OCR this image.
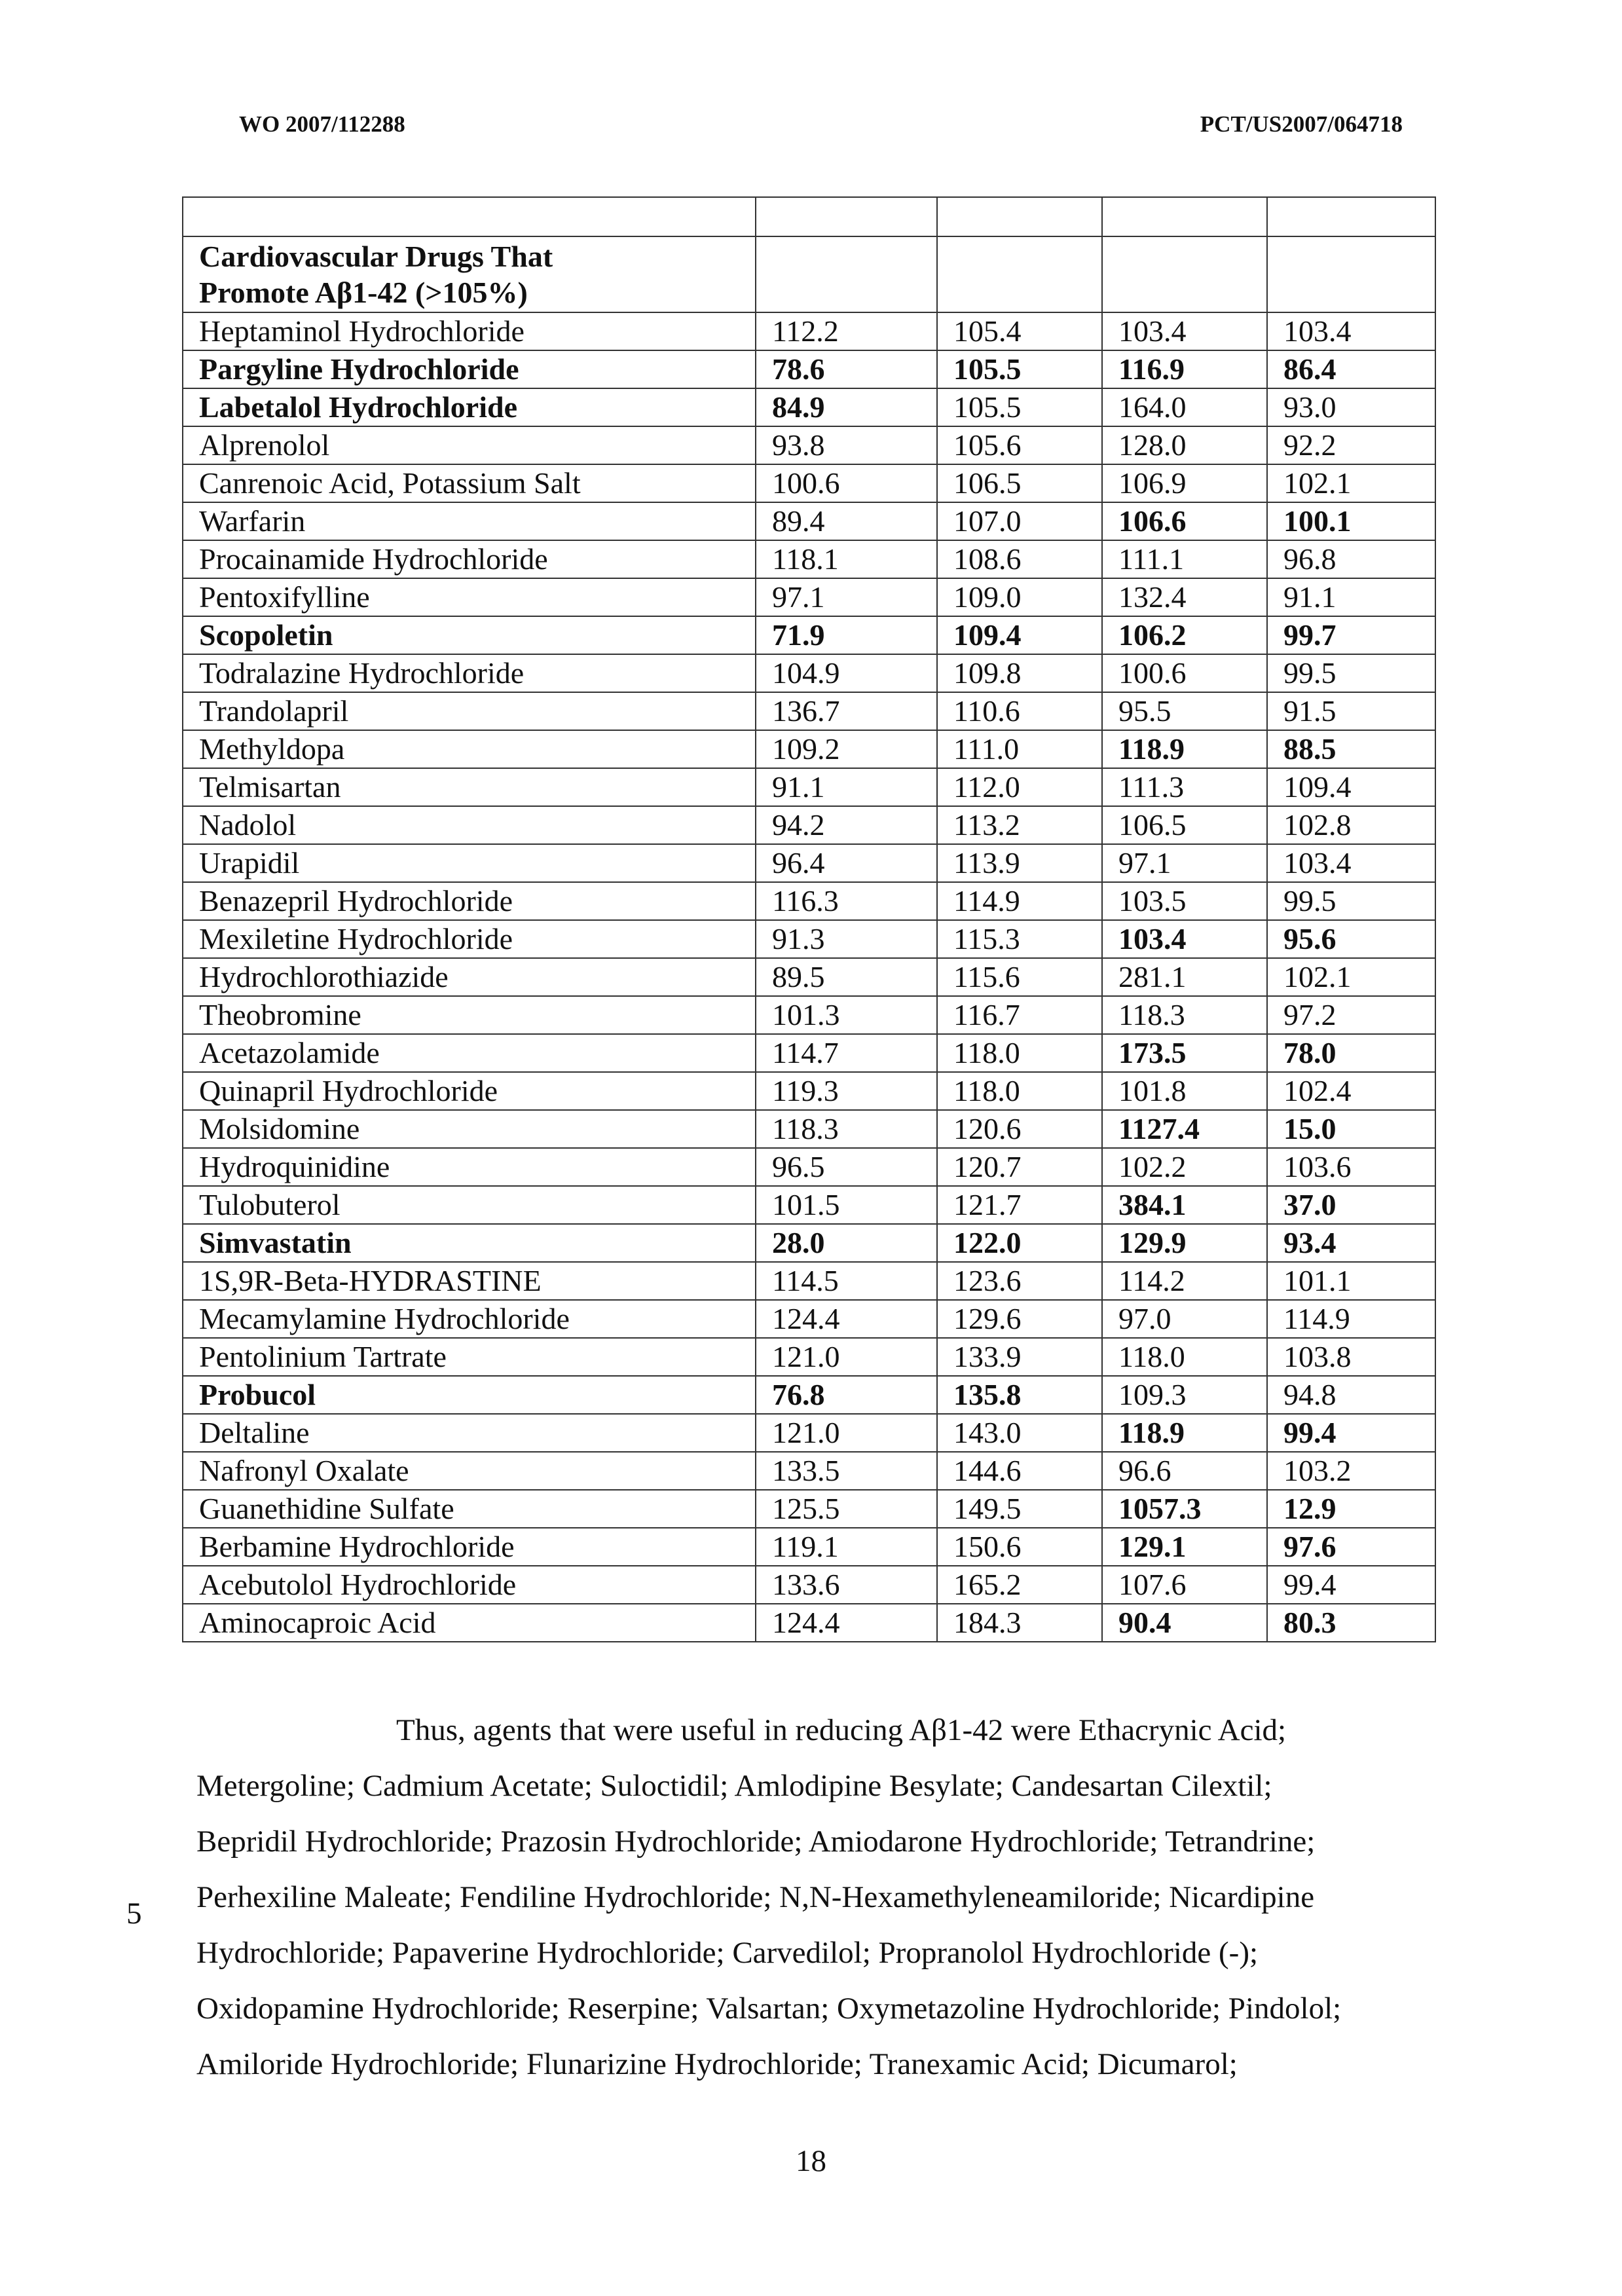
WO 2007/112288	PCT/US2007/064718

Cardiovascular Drugs That
Promote Aβ1-42 (>105%)				
Heptaminol Hydrochloride	112.2	105.4	103.4	103.4
Pargyline Hydrochloride	78.6	105.5	116.9	86.4
Labetalol Hydrochloride	84.9	105.5	164.0	93.0
Alprenolol	93.8	105.6	128.0	92.2
Canrenoic Acid, Potassium Salt	100.6	106.5	106.9	102.1
Warfarin	89.4	107.0	106.6	100.1
Procainamide Hydrochloride	118.1	108.6	111.1	96.8
Pentoxifylline	97.1	109.0	132.4	91.1
Scopoletin	71.9	109.4	106.2	99.7
Todralazine Hydrochloride	104.9	109.8	100.6	99.5
Trandolapril	136.7	110.6	95.5	91.5
Methyldopa	109.2	111.0	118.9	88.5
Telmisartan	91.1	112.0	111.3	109.4
Nadolol	94.2	113.2	106.5	102.8
Urapidil	96.4	113.9	97.1	103.4
Benazepril Hydrochloride	116.3	114.9	103.5	99.5
Mexiletine Hydrochloride	91.3	115.3	103.4	95.6
Hydrochlorothiazide	89.5	115.6	281.1	102.1
Theobromine	101.3	116.7	118.3	97.2
Acetazolamide	114.7	118.0	173.5	78.0
Quinapril Hydrochloride	119.3	118.0	101.8	102.4
Molsidomine	118.3	120.6	1127.4	15.0
Hydroquinidine	96.5	120.7	102.2	103.6
Tulobuterol	101.5	121.7	384.1	37.0
Simvastatin	28.0	122.0	129.9	93.4
1S,9R-Beta-HYDRASTINE	114.5	123.6	114.2	101.1
Mecamylamine Hydrochloride	124.4	129.6	97.0	114.9
Pentolinium Tartrate	121.0	133.9	118.0	103.8
Probucol	76.8	135.8	109.3	94.8
Deltaline	121.0	143.0	118.9	99.4
Nafronyl Oxalate	133.5	144.6	96.6	103.2
Guanethidine Sulfate	125.5	149.5	1057.3	12.9
Berbamine Hydrochloride	119.1	150.6	129.1	97.6
Acebutolol Hydrochloride	133.6	165.2	107.6	99.4
Aminocaproic Acid	124.4	184.3	90.4	80.3

Thus, agents that were useful in reducing Aβ1-42 were Ethacrynic Acid;

Metergoline; Cadmium Acetate; Suloctidil; Amlodipine Besylate; Candesartan Cilextil;

Bepridil Hydrochloride; Prazosin Hydrochloride; Amiodarone Hydrochloride; Tetrandrine;

Perhexiline Maleate; Fendiline Hydrochloride; N,N-Hexamethyleneamiloride; Nicardipine

Hydrochloride; Papaverine Hydrochloride; Carvedilol; Propranolol Hydrochloride (-);

Oxidopamine Hydrochloride; Reserpine; Valsartan; Oxymetazoline Hydrochloride; Pindolol;

Amiloride Hydrochloride; Flunarizine Hydrochloride; Tranexamic Acid; Dicumarol;

5
18
